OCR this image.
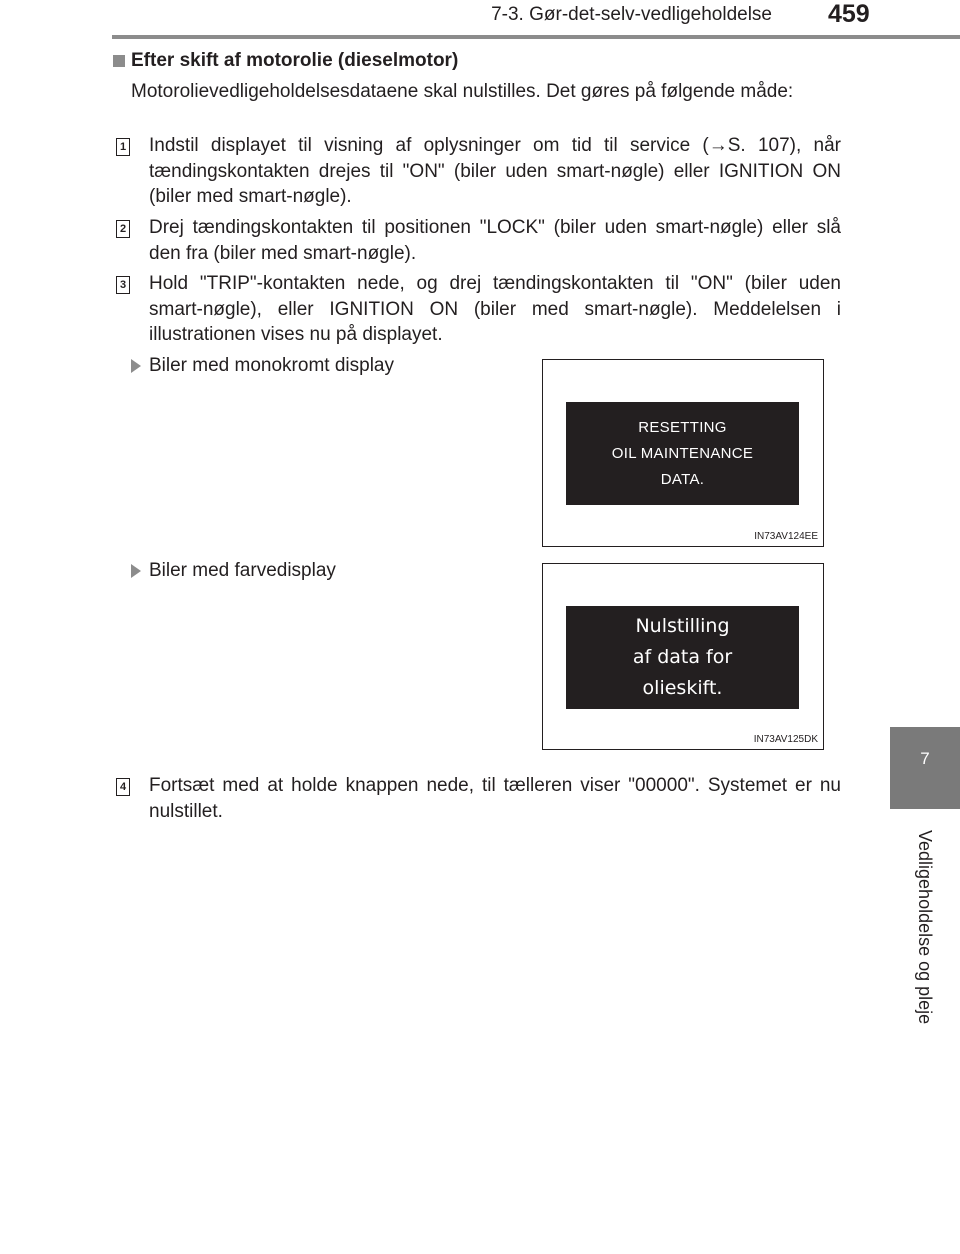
7-3. Gør-det-selv-vedligeholdelse 459
7
Vedligeholdelse og pleje
Efter skift af motorolie (dieselmotor)
Motorolievedligeholdelsesdataene skal nulstilles. Det gøres på følgende måde:
1 Indstil displayet til visning af oplysninger om tid til service (→S. 107), når tændingskontakten drejes til "ON" (biler uden smart-nøgle) eller IGNITION ON (biler med smart-nøgle).
2 Drej tændingskontakten til positionen "LOCK" (biler uden smart-nøgle) eller slå den fra (biler med smart-nøgle).
3 Hold "TRIP"-kontakten nede, og drej tændingskontakten til "ON" (biler uden smart-nøgle), eller IGNITION ON (biler med smart-nøgle). Meddelelsen i illustrationen vises nu på displayet.
Biler med monokromt display
RESETTING
OIL MAINTENANCE
DATA.
IN73AV124EE
Biler med farvedisplay
Nulstilling
af data for
olieskift.
IN73AV125DK
4 Fortsæt med at holde knappen nede, til tælleren viser "00000". Systemet er nu nulstillet.
